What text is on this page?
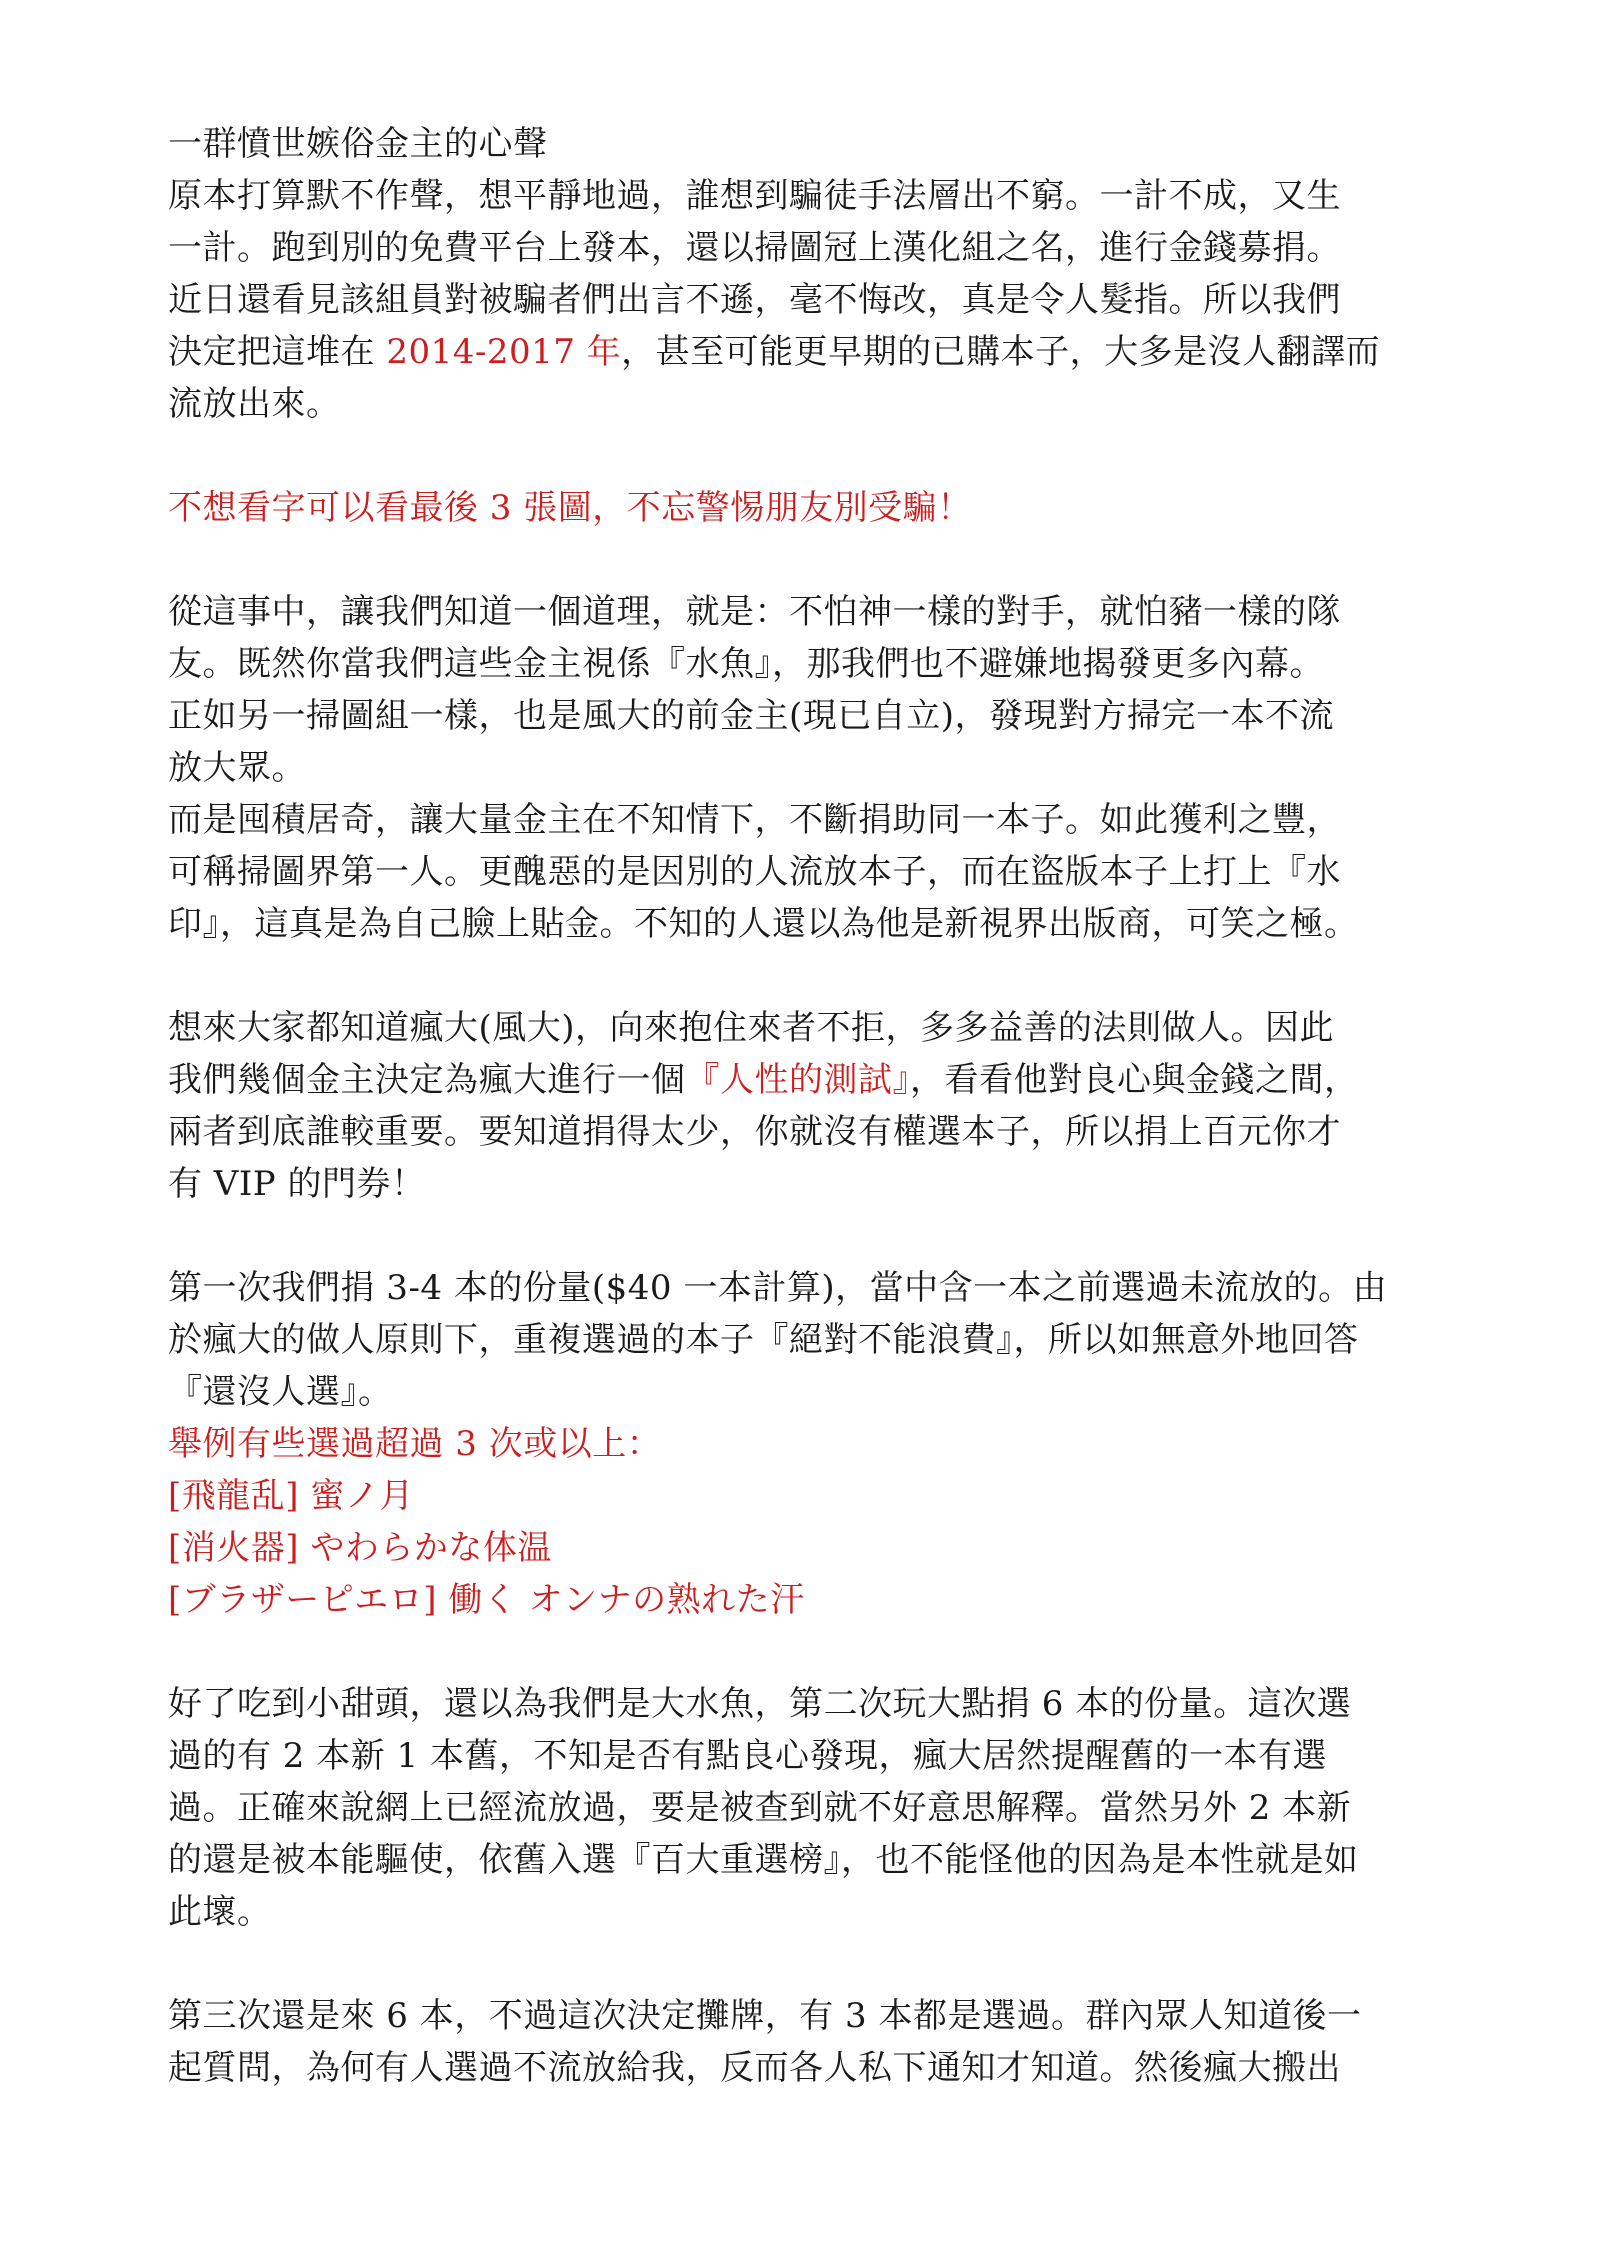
一群憤世嫉俗金主的心聲
原本打算默不作聲，想平靜地過，誰想到騙徒手法層出不窮。一計不成，又生
一計。跑到別的免費平台上發本，還以掃圖冠上漢化組之名，進行金錢募捐。
近日還看見該組員對被騙者們出言不遜，毫不悔改，真是令人髮指。所以我們
決定把這堆在 2014-2017 年，甚至可能更早期的已購本子，大多是沒人翻譯而
流放出來。
不想看字可以看最後 3 張圖，不忘警惕朋友別受騙！
從這事中，讓我們知道一個道理，就是：不怕神一樣的對手，就怕豬一樣的隊
友。既然你當我們這些金主視係『水魚』，那我們也不避嫌地揭發更多內幕。
正如另一掃圖組一樣，也是風大的前金主(現已自立)，發現對方掃完一本不流
放大眾。
而是囤積居奇，讓大量金主在不知情下，不斷捐助同一本子。如此獲利之豐，
可稱掃圖界第一人。更醜惡的是因別的人流放本子，而在盜版本子上打上『水
印』，這真是為自己臉上貼金。不知的人還以為他是新視界出版商，可笑之極。
想來大家都知道瘋大(風大)，向來抱住來者不拒，多多益善的法則做人。因此
我們幾個金主決定為瘋大進行一個『人性的測試』，看看他對良心與金錢之間，
兩者到底誰較重要。要知道捐得太少，你就沒有權選本子，所以捐上百元你才
有 VIP 的門券！
第一次我們捐 3-4 本的份量($40 一本計算)，當中含一本之前選過未流放的。由
於瘋大的做人原則下，重複選過的本子『絕對不能浪費』，所以如無意外地回答
『還沒人選』。
舉例有些選過超過 3 次或以上：
[飛龍乱] 蜜ノ月
[消火器] やわらかな体温
[ブラザーピエロ] 働く オンナの熟れた汗
好了吃到小甜頭，還以為我們是大水魚，第二次玩大點捐 6 本的份量。這次選
過的有 2 本新 1 本舊，不知是否有點良心發現，瘋大居然提醒舊的一本有選
過。正確來說網上已經流放過，要是被查到就不好意思解釋。當然另外 2 本新
的還是被本能驅使，依舊入選『百大重選榜』，也不能怪他的因為是本性就是如
此壞。
第三次還是來 6 本，不過這次決定攤牌，有 3 本都是選過。群內眾人知道後一
起質問，為何有人選過不流放給我，反而各人私下通知才知道。然後瘋大搬出
